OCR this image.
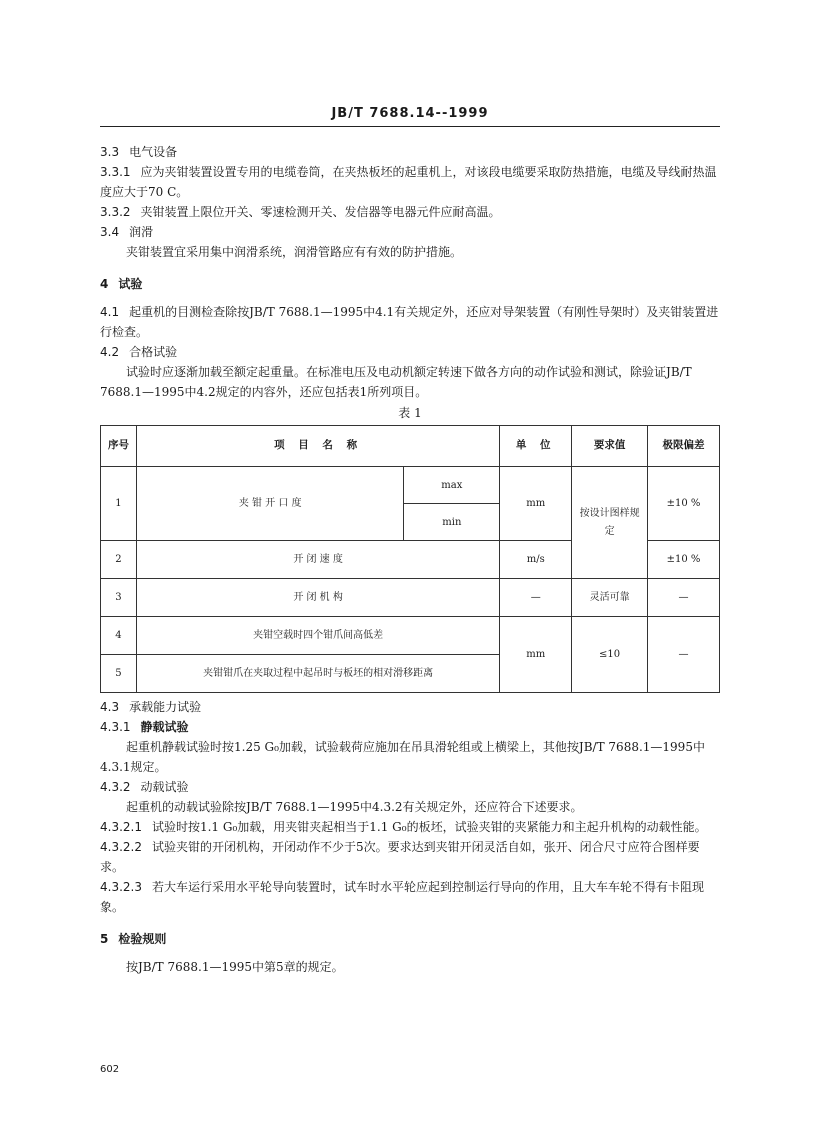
JB/T 7688.14--1999

3.3 电气设备

3.3.1 应为夹钳装置设置专用的电缆卷筒，在夹热板坯的起重机上，对该段电缆要采取防热措施，电缆及导线耐热温度应大于70 C。

3.3.2 夹钳装置上限位开关、零速检测开关、发信器等电器元件应耐高温。

3.4 润滑

夹钳装置宜采用集中润滑系统，润滑管路应有有效的防护措施。

4 试验

4.1 起重机的目测检查除按JB/T 7688.1—1995中4.1有关规定外，还应对导架装置（有刚性导架时）及夹钳装置进行检查。

4.2 合格试验

试验时应逐渐加载至额定起重量。在标准电压及电动机额定转速下做各方向的动作试验和测试，除验证JB/T 7688.1—1995中4.2规定的内容外，还应包括表1所列项目。

表 1
序号	项 目 名 称		单 位	要求值	极限偏差
1	夹 钳 开 口 度	max	mm	按设计图样规 定	±10 %
		min			
2	开 闭 速 度		m/s		±10 %
3	开 闭 机 构		—	灵活可靠	—
4	夹钳空载时四个钳爪间高低差		mm	≤10	—
5	夹钳钳爪在夹取过程中起吊时与板坯的相对滑移距离				

4.3 承载能力试验

4.3.1 静载试验

起重机静载试验时按1.25 G₀加载，试验载荷应施加在吊具滑轮组或上横梁上，其他按JB/T 7688.1—1995中4.3.1规定。

4.3.2 动载试验

起重机的动载试验除按JB/T 7688.1—1995中4.3.2有关规定外，还应符合下述要求。

4.3.2.1 试验时按1.1 G₀加载，用夹钳夹起相当于1.1 G₀的板坯，试验夹钳的夹紧能力和主起升机构的动载性能。

4.3.2.2 试验夹钳的开闭机构，开闭动作不少于5次。要求达到夹钳开闭灵活自如，张开、闭合尺寸应符合图样要求。

4.3.2.3 若大车运行采用水平轮导向装置时，试车时水平轮应起到控制运行导向的作用，且大车车轮不得有卡阻现象。

5 检验规则

按JB/T 7688.1—1995中第5章的规定。

602
